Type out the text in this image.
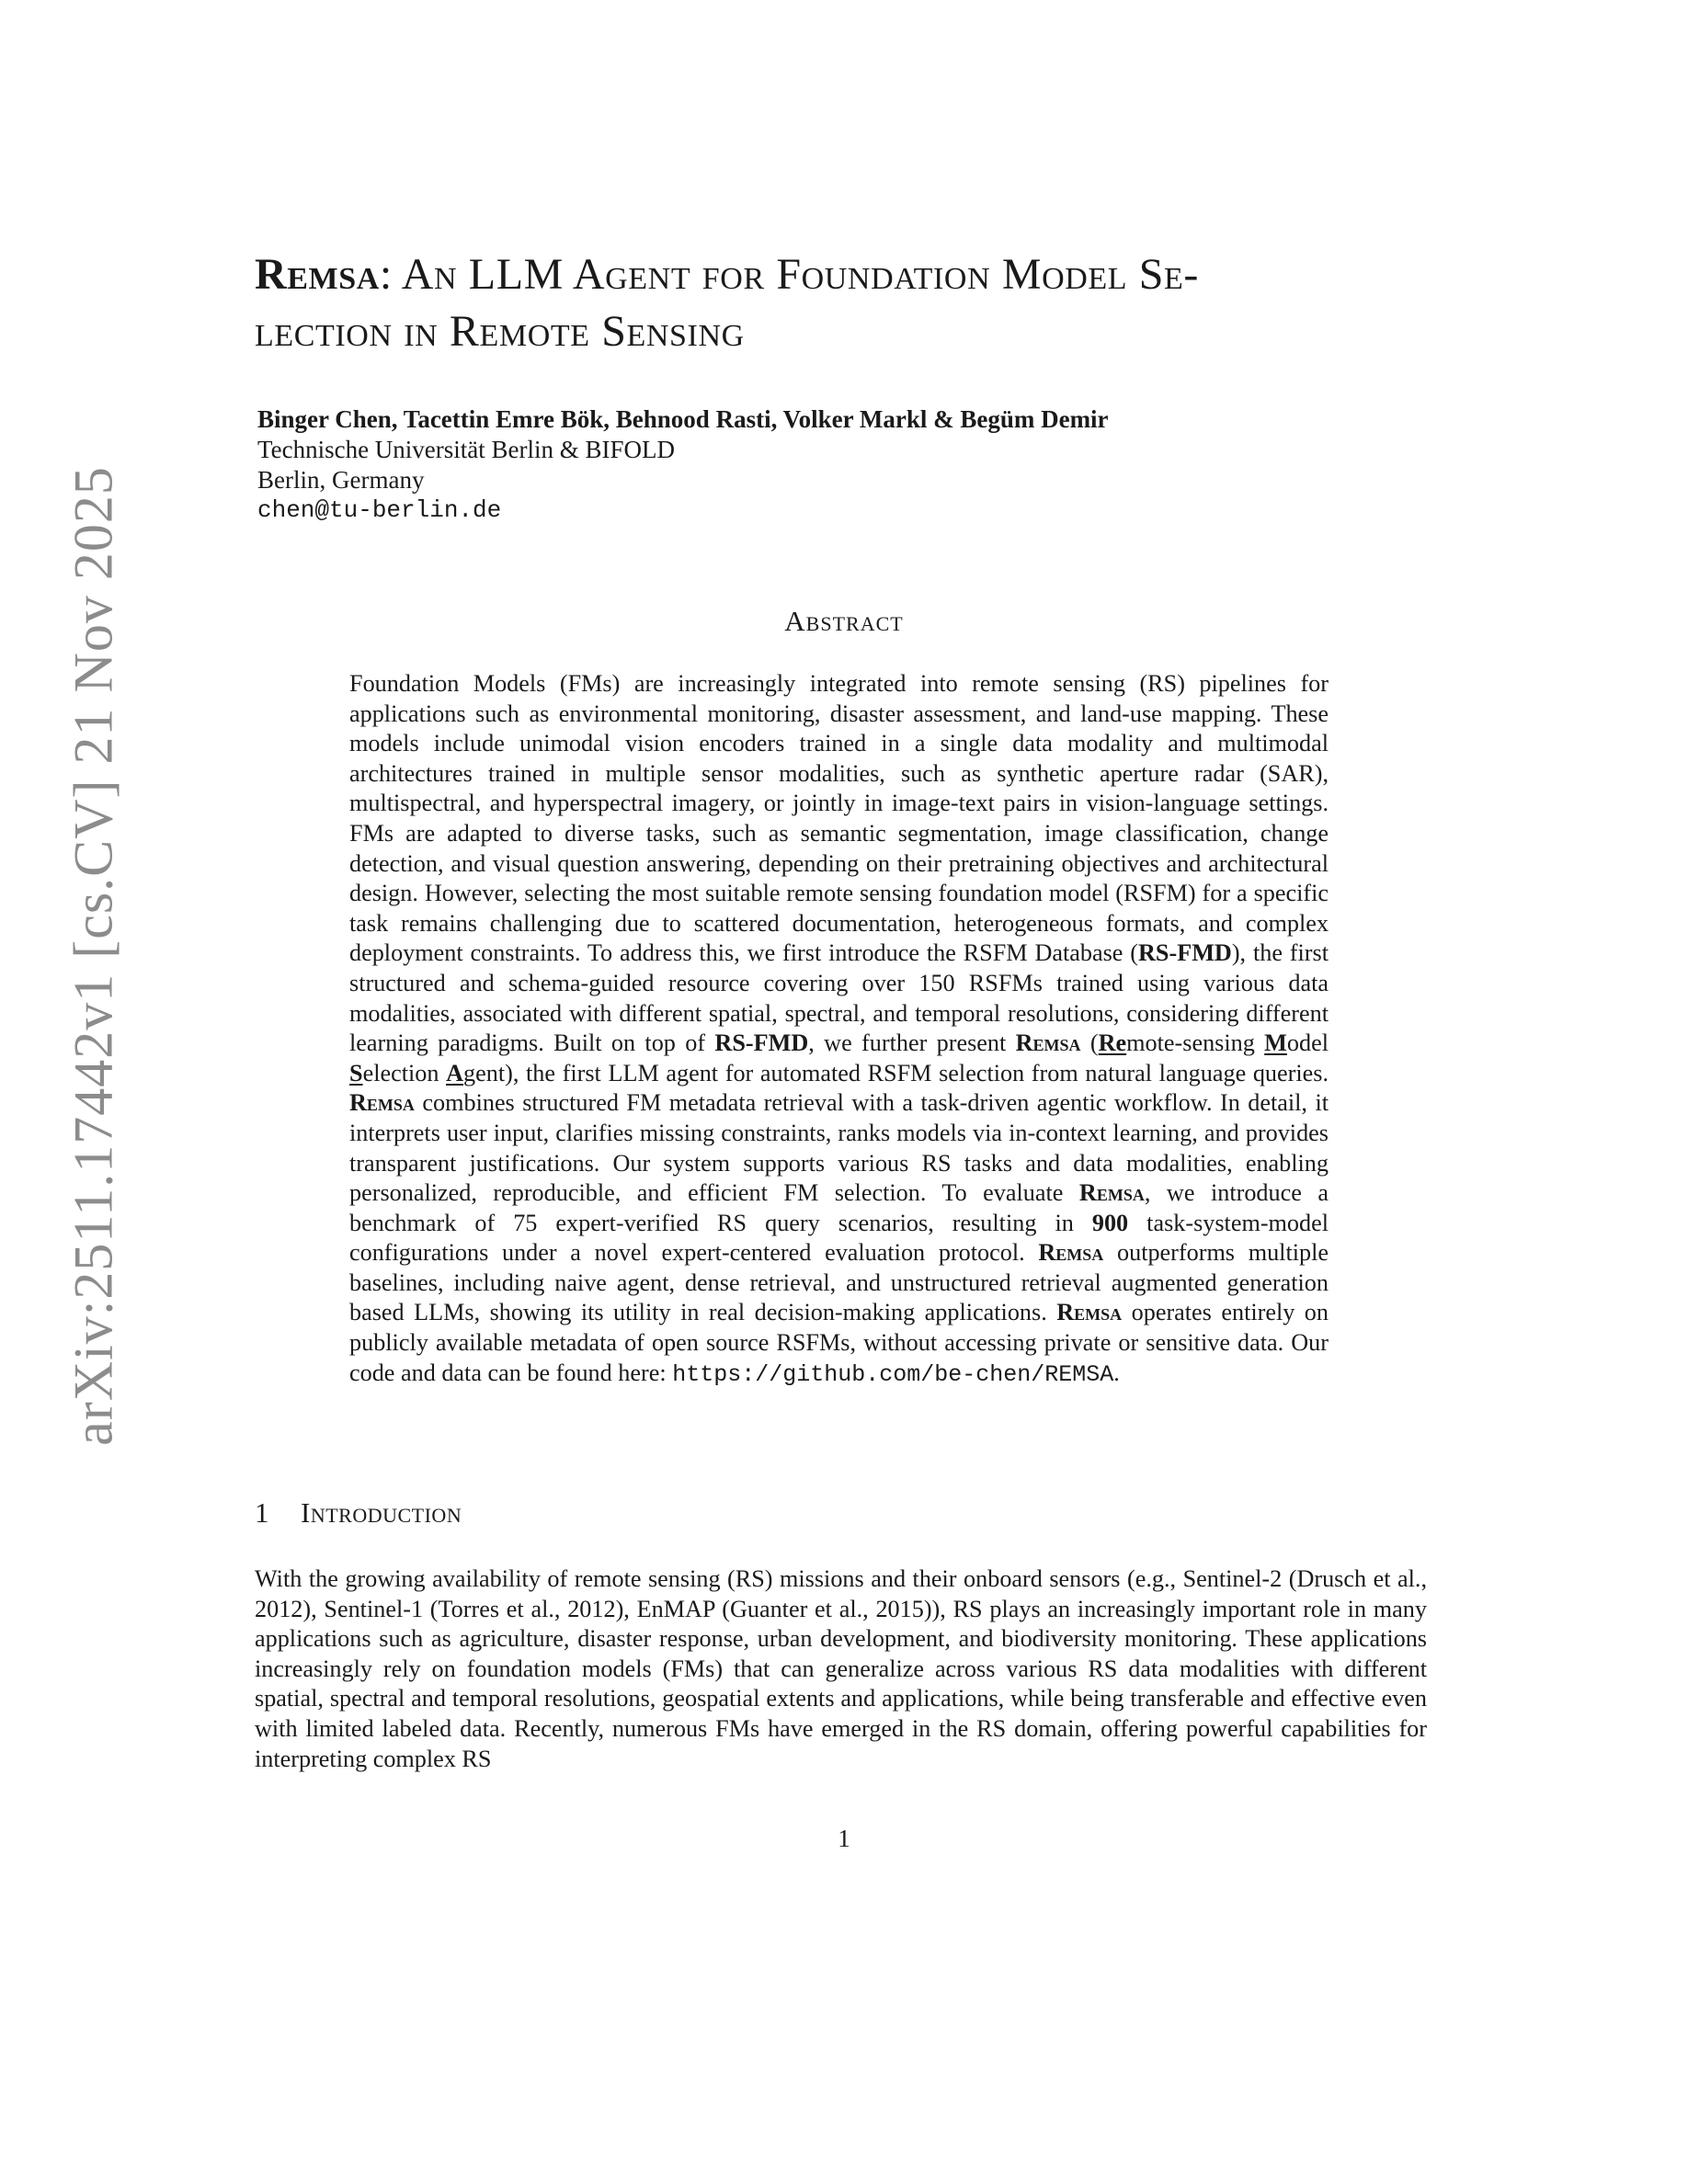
arXiv:2511.17442v1 [cs.CV] 21 Nov 2025
Remsa: An LLM Agent for Foundation Model Se-
lection in Remote Sensing
Binger Chen, Tacettin Emre Bök, Behnood Rasti, Volker Markl & Begüm Demir
Technische Universität Berlin & BIFOLD
Berlin, Germany
chen@tu-berlin.de
Abstract
Foundation Models (FMs) are increasingly integrated into remote sensing (RS) pipelines for applications such as environmental monitoring, disaster assessment, and land-use mapping. These models include unimodal vision encoders trained in a single data modality and multimodal architectures trained in multiple sensor modalities, such as synthetic aperture radar (SAR), multispectral, and hyperspectral imagery, or jointly in image-text pairs in vision-language settings. FMs are adapted to diverse tasks, such as semantic segmentation, image classification, change detection, and visual question answering, depending on their pretraining objectives and architectural design. However, selecting the most suitable remote sensing foundation model (RSFM) for a specific task remains challenging due to scattered documentation, heterogeneous formats, and complex deployment constraints. To address this, we first introduce the RSFM Database (RS-FMD), the first structured and schema-guided resource covering over 150 RSFMs trained using various data modalities, associated with different spatial, spectral, and temporal resolutions, considering different learning paradigms. Built on top of RS-FMD, we further present Remsa (Remote-sensing Model Selection Agent), the first LLM agent for automated RSFM selection from natural language queries. Remsa combines structured FM metadata retrieval with a task-driven agentic workflow. In detail, it interprets user input, clarifies missing constraints, ranks models via in-context learning, and provides transparent justifications. Our system supports various RS tasks and data modalities, enabling personalized, reproducible, and efficient FM selection. To evaluate Remsa, we introduce a benchmark of 75 expert-verified RS query scenarios, resulting in 900 task-system-model configurations under a novel expert-centered evaluation protocol. Remsa outperforms multiple baselines, including naive agent, dense retrieval, and unstructured retrieval augmented generation based LLMs, showing its utility in real decision-making applications. Remsa operates entirely on publicly available metadata of open source RSFMs, without accessing private or sensitive data. Our code and data can be found here: https://github.com/be-chen/REMSA.
1 Introduction
With the growing availability of remote sensing (RS) missions and their onboard sensors (e.g., Sentinel-2 (Drusch et al., 2012), Sentinel-1 (Torres et al., 2012), EnMAP (Guanter et al., 2015)), RS plays an increasingly important role in many applications such as agriculture, disaster response, urban development, and biodiversity monitoring. These applications increasingly rely on foundation models (FMs) that can generalize across various RS data modalities with different spatial, spectral and temporal resolutions, geospatial extents and applications, while being transferable and effective even with limited labeled data. Recently, numerous FMs have emerged in the RS domain, offering powerful capabilities for interpreting complex RS
1
